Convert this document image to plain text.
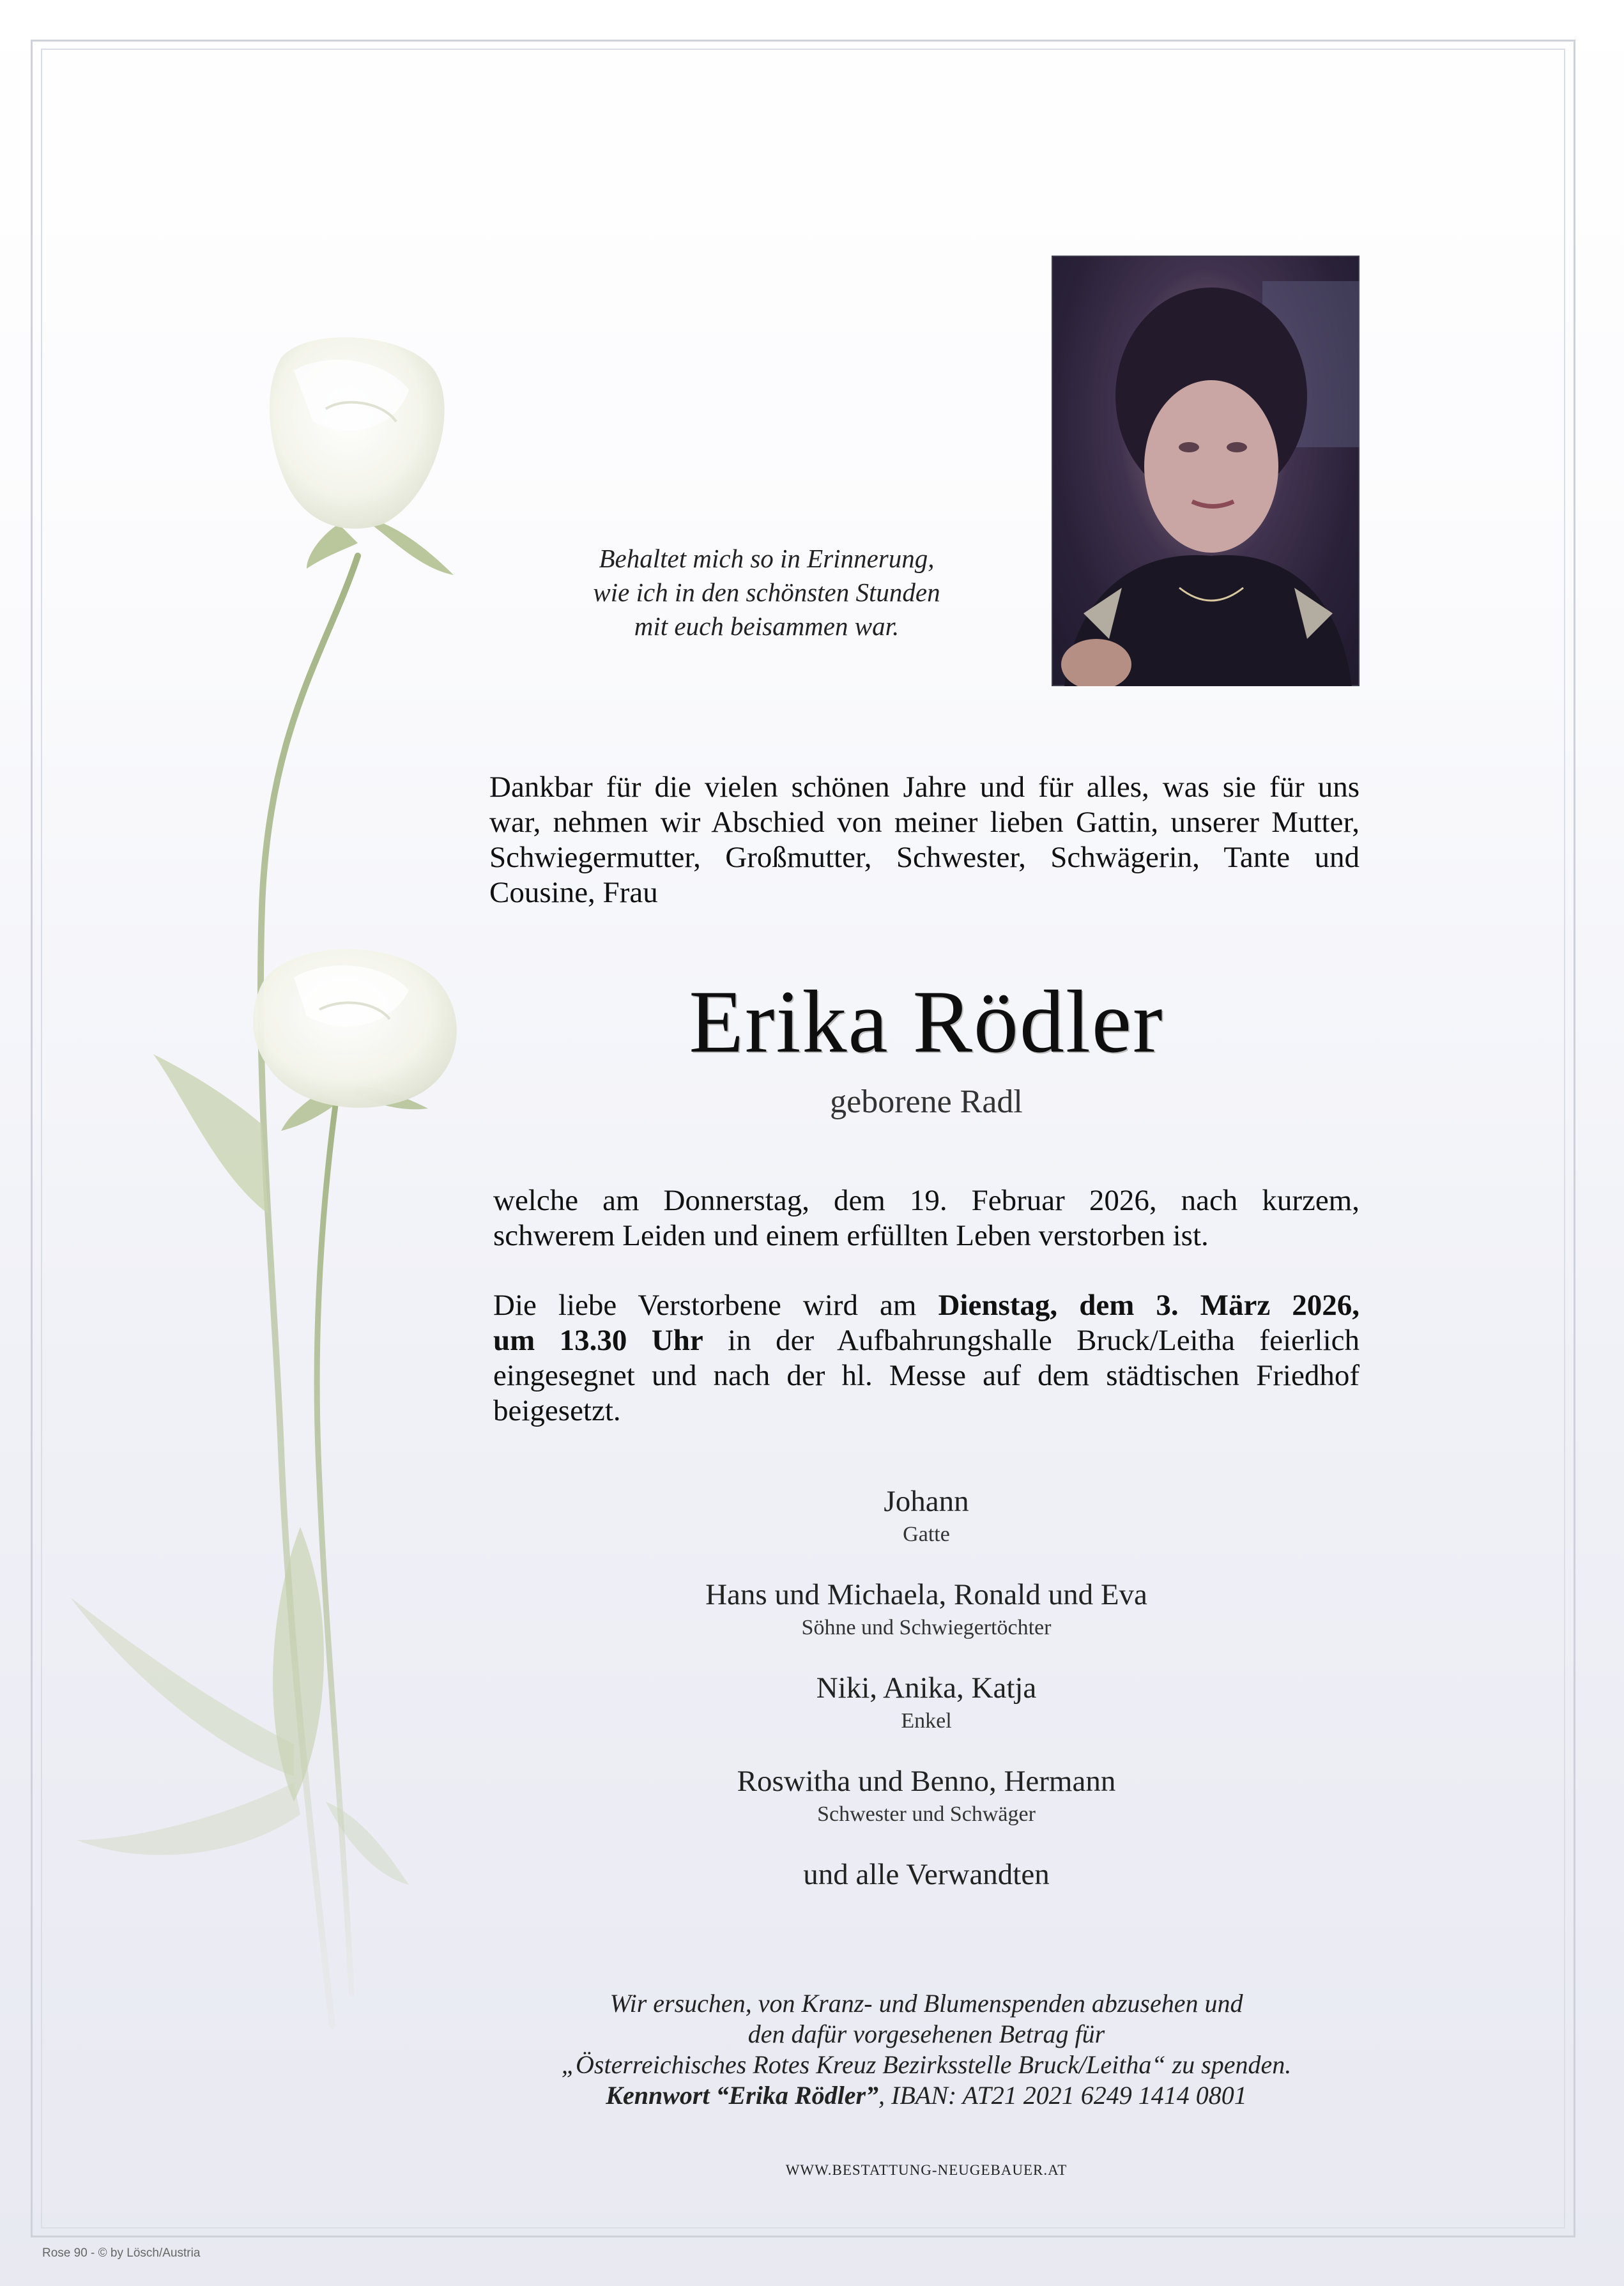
Behaltet mich so in Erinnerung,
wie ich in den schönsten Stunden
mit euch beisammen war.
Dankbar für die vielen schönen Jahre und für alles, was sie für uns
war, nehmen wir Abschied von meiner lieben Gattin, unserer Mutter,
Schwiegermutter, Großmutter, Schwester, Schwägerin, Tante und
Cousine, Frau
Erika Rödler
geborene Radl
welche am Donnerstag, dem 19. Februar 2026, nach kurzem,
schwerem Leiden und einem erfüllten Leben verstorben ist.
Die liebe Verstorbene wird am Dienstag, dem 3. März 2026,
um 13.30 Uhr in der Aufbahrungshalle Bruck/Leitha feierlich
eingesegnet und nach der hl. Messe auf dem städtischen Friedhof
beigesetzt.
Johann
Gatte
Hans und Michaela, Ronald und Eva
Söhne und Schwiegertöchter
Niki, Anika, Katja
Enkel
Roswitha und Benno, Hermann
Schwester und Schwäger
und alle Verwandten
Wir ersuchen, von Kranz- und Blumenspenden abzusehen und
den dafür vorgesehenen Betrag für
„Österreichisches Rotes Kreuz Bezirksstelle Bruck/Leitha“ zu spenden.
Kennwort “Erika Rödler”, IBAN: AT21 2021 6249 1414 0801
WWW.BESTATTUNG-NEUGEBAUER.AT
Rose 90 - © by Lösch/Austria
